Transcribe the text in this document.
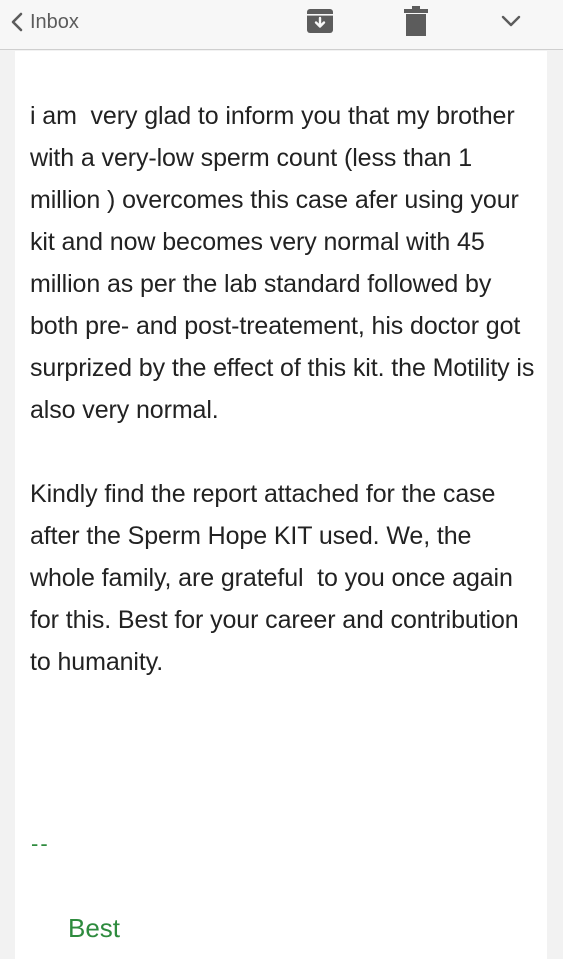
Inbox

i am  very glad to inform you that my brother with a very-low sperm count (less than 1 million ) overcomes this case afer using your kit and now becomes very normal with 45 million as per the lab standard followed by both pre- and post-treatement, his doctor got surprized by the effect of this kit. the Motility is also very normal.

Kindly find the report attached for the case after the Sperm Hope KIT used. We, the whole family, are grateful  to you once again for this. Best for your career and contribution to humanity.

--
Best
